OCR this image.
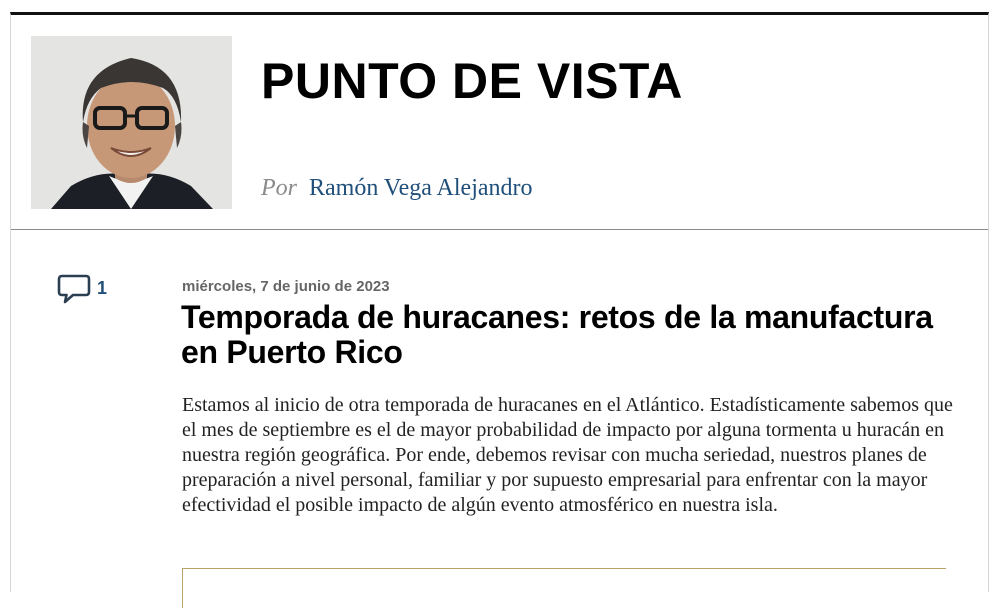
PUNTO DE VISTA
Por Ramón Vega Alejandro
1	miércoles, 7 de junio de 2023
Temporada de huracanes: retos de la manufactura en Puerto Rico

Estamos al inicio de otra temporada de huracanes en el Atlántico. Estadísticamente sabemos que el mes de septiembre es el de mayor probabilidad de impacto por alguna tormenta u huracán en nuestra región geográfica. Por ende, debemos revisar con mucha seriedad, nuestros planes de preparación a nivel personal, familiar y por supuesto empresarial para enfrentar con la mayor efectividad el posible impacto de algún evento atmosférico en nuestra isla.
